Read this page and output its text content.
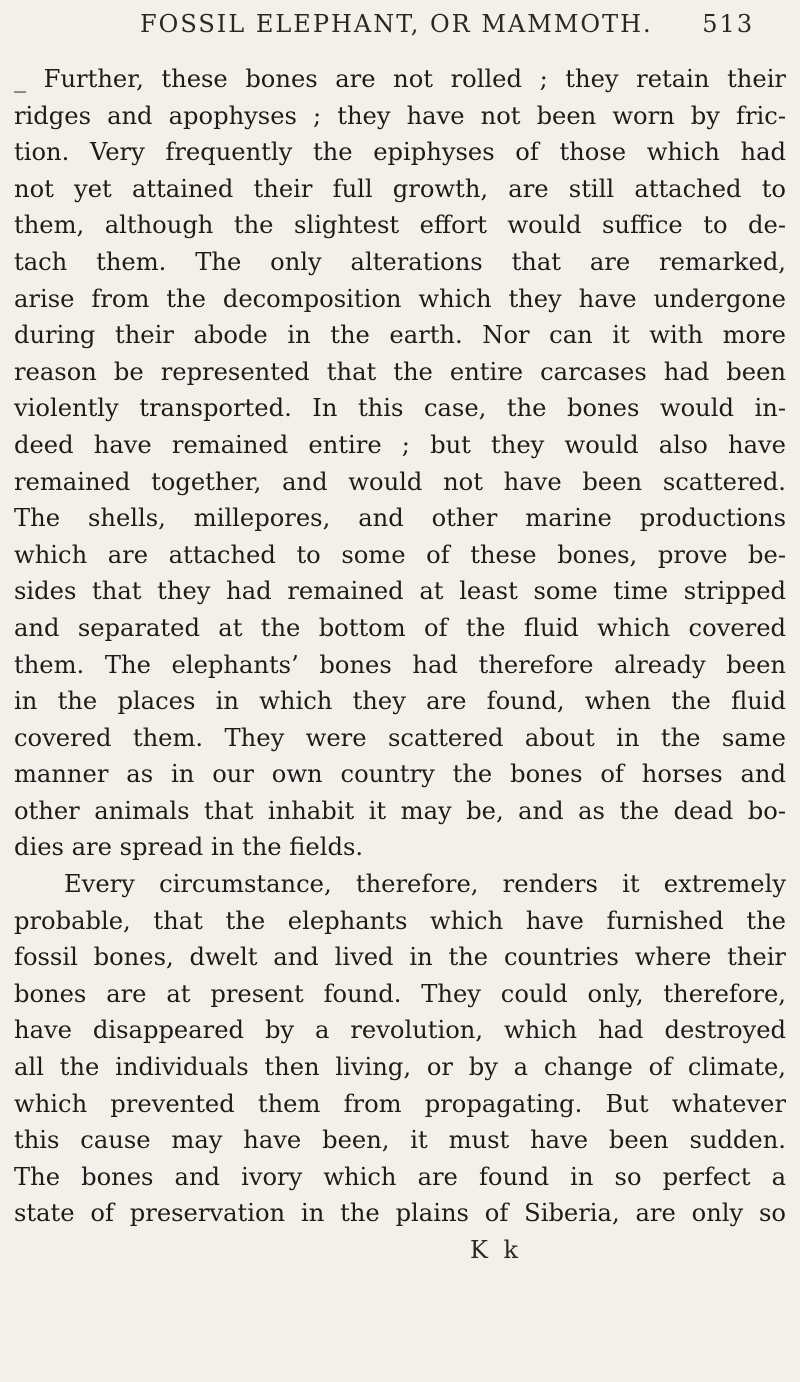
FOSSIL ELEPHANT, OR MAMMOTH. 513
_ Further, these bones are not rolled ; they retain their
ridges and apophyses ; they have not been worn by fric-
tion. Very frequently the epiphyses of those which had
not yet attained their full growth, are still attached to
them, although the slightest effort would suffice to de-
tach them. The only alterations that are remarked,
arise from the decomposition which they have undergone
during their abode in the earth. Nor can it with more
reason be represented that the entire carcases had been
violently transported. In this case, the bones would in-
deed have remained entire ; but they would also have
remained together, and would not have been scattered.
The shells, millepores, and other marine productions
which are attached to some of these bones, prove be-
sides that they had remained at least some time stripped
and separated at the bottom of the fluid which covered
them. The elephants’ bones had therefore already been
in the places in which they are found, when the fluid
covered them. They were scattered about in the same
manner as in our own country the bones of horses and
other animals that inhabit it may be, and as the dead bo-
dies are spread in the fields.
Every circumstance, therefore, renders it extremely
probable, that the elephants which have furnished the
fossil bones, dwelt and lived in the countries where their
bones are at present found. They could only, therefore,
have disappeared by a revolution, which had destroyed
all the individuals then living, or by a change of climate,
which prevented them from propagating. But whatever
this cause may have been, it must have been sudden.
The bones and ivory which are found in so perfect a
state of preservation in the plains of Siberia, are only so
K k
